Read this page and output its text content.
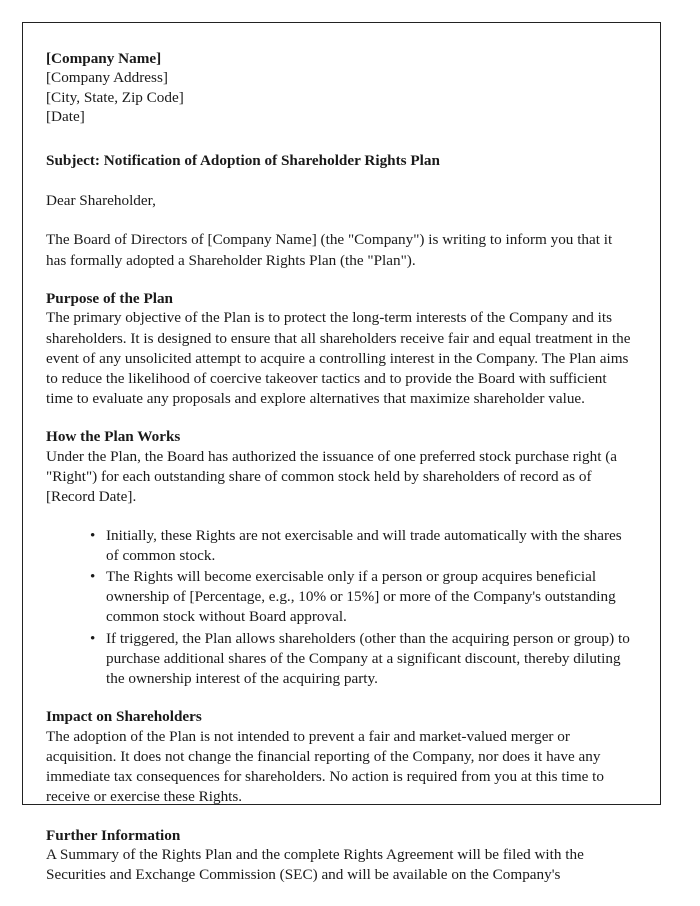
[Company Name]
[Company Address]
[City, State, Zip Code]
[Date]
Subject: Notification of Adoption of Shareholder Rights Plan
Dear Shareholder,

The Board of Directors of [Company Name] (the "Company") is writing to inform you that it has formally adopted a Shareholder Rights Plan (the "Plan").

Purpose of the Plan
The primary objective of the Plan is to protect the long-term interests of the Company and its shareholders. It is designed to ensure that all shareholders receive fair and equal treatment in the event of any unsolicited attempt to acquire a controlling interest in the Company. The Plan aims to reduce the likelihood of coercive takeover tactics and to provide the Board with sufficient time to evaluate any proposals and explore alternatives that maximize shareholder value.
How the Plan Works
Under the Plan, the Board has authorized the issuance of one preferred stock purchase right (a "Right") for each outstanding share of common stock held by shareholders of record as of [Record Date].
• Initially, these Rights are not exercisable and will trade automatically with the shares of common stock.
• The Rights will become exercisable only if a person or group acquires beneficial ownership of [Percentage, e.g., 10% or 15%] or more of the Company's outstanding common stock without Board approval.
• If triggered, the Plan allows shareholders (other than the acquiring person or group) to purchase additional shares of the Company at a significant discount, thereby diluting the ownership interest of the acquiring party.
Impact on Shareholders
The adoption of the Plan is not intended to prevent a fair and market-valued merger or acquisition. It does not change the financial reporting of the Company, nor does it have any immediate tax consequences for shareholders. No action is required from you at this time to receive or exercise these Rights.
Further Information
A Summary of the Rights Plan and the complete Rights Agreement will be filed with the Securities and Exchange Commission (SEC) and will be available on the Company's
